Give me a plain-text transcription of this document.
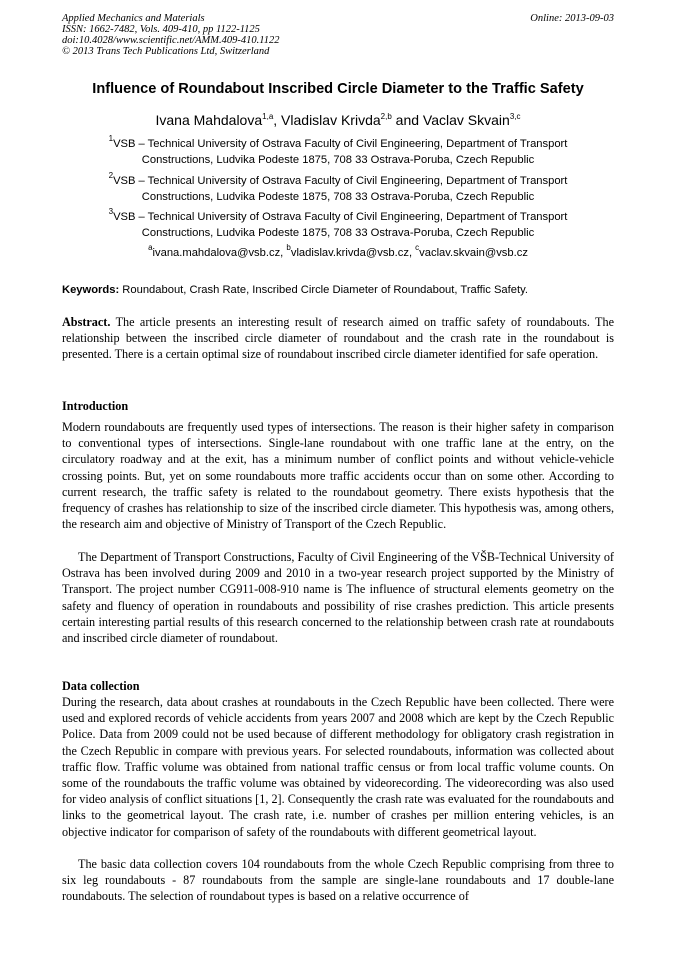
Applied Mechanics and Materials
ISSN: 1662-7482, Vols. 409-410, pp 1122-1125
doi:10.4028/www.scientific.net/AMM.409-410.1122
© 2013 Trans Tech Publications Ltd, Switzerland
Online: 2013-09-03
Influence of Roundabout Inscribed Circle Diameter to the Traffic Safety
Ivana Mahdalova$^{1,a}$, Vladislav Krivda$^{2,b}$ and Vaclav Skvain$^{3,c}$
$^1$VSB – Technical University of Ostrava Faculty of Civil Engineering, Department of Transport
Constructions, Ludvika Podeste 1875, 708 33 Ostrava-Poruba, Czech Republic
$^2$VSB – Technical University of Ostrava Faculty of Civil Engineering, Department of Transport
Constructions, Ludvika Podeste 1875, 708 33 Ostrava-Poruba, Czech Republic
$^3$VSB – Technical University of Ostrava Faculty of Civil Engineering, Department of Transport
Constructions, Ludvika Podeste 1875, 708 33 Ostrava-Poruba, Czech Republic
$^a$ivana.mahdalova@vsb.cz, $^b$vladislav.krivda@vsb.cz, $^c$vaclav.skvain@vsb.cz
Keywords: Roundabout, Crash Rate, Inscribed Circle Diameter of Roundabout, Traffic Safety.
Abstract. The article presents an interesting result of research aimed on traffic safety of roundabouts. The relationship between the inscribed circle diameter of roundabout and the crash rate in the roundabout is presented. There is a certain optimal size of roundabout inscribed circle diameter identified for safe operation.
Introduction
Modern roundabouts are frequently used types of intersections. The reason is their higher safety in comparison to conventional types of intersections. Single-lane roundabout with one traffic lane at the entry, on the circulatory roadway and at the exit, has a minimum number of conflict points and without vehicle-vehicle crossing points. But, yet on some roundabouts more traffic accidents occur than on some other. According to current research, the traffic safety is related to the roundabout geometry. There exists hypothesis that the frequency of crashes has relationship to size of the inscribed circle diameter. This hypothesis was, among others, the research aim and objective of Ministry of Transport of the Czech Republic.
The Department of Transport Constructions, Faculty of Civil Engineering of the VŠB-Technical University of Ostrava has been involved during 2009 and 2010 in a two-year research project supported by the Ministry of Transport. The project number CG911-008-910 name is The influence of structural elements geometry on the safety and fluency of operation in roundabouts and possibility of rise crashes prediction. This article presents certain interesting partial results of this research concerned to the relationship between crash rate at roundabouts and inscribed circle diameter of roundabout.
Data collection
During the research, data about crashes at roundabouts in the Czech Republic have been collected. There were used and explored records of vehicle accidents from years 2007 and 2008 which are kept by the Czech Republic Police. Data from 2009 could not be used because of different methodology for obligatory crash registration in the Czech Republic in compare with previous years. For selected roundabouts, information was collected about traffic flow. Traffic volume was obtained from national traffic census or from local traffic volume counts. On some of the roundabouts the traffic volume was obtained by videorecording. The videorecording was also used for video analysis of conflict situations [1, 2]. Consequently the crash rate was evaluated for the roundabouts and links to the geometrical layout. The crash rate, i.e. number of crashes per million entering vehicles, is an objective indicator for comparison of safety of the roundabouts with different geometrical layout.
The basic data collection covers 104 roundabouts from the whole Czech Republic comprising from three to six leg roundabouts - 87 roundabouts from the sample are single-lane roundabouts and 17 double-lane roundabouts. The selection of roundabout types is based on a relative occurrence of
